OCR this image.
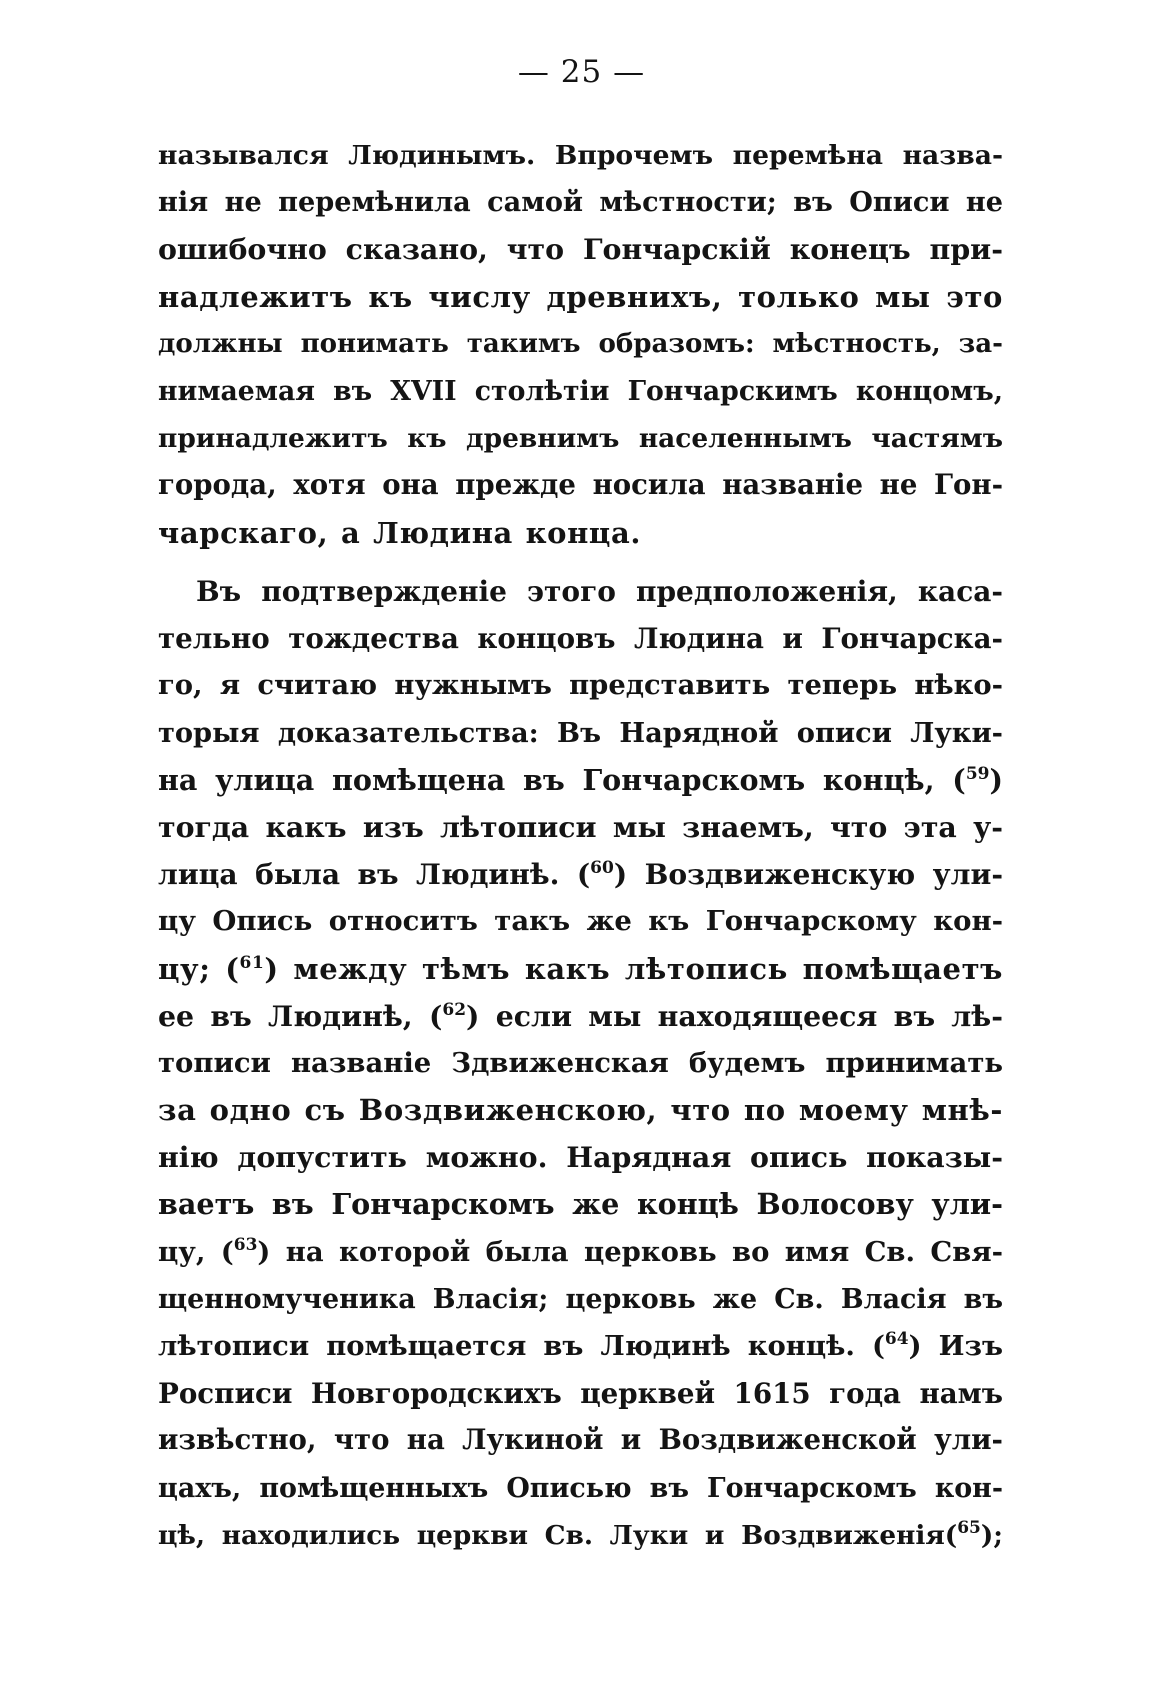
— 25 —
назывался Людинымъ. Впрочемъ перемѣна назва-
нія не перемѣнила самой мѣстности; въ Описи не
ошибочно сказано, что Гончарскій конецъ при-
надлежитъ къ числу древнихъ, только мы это
должны понимать такимъ образомъ: мѣстность, за-
нимаемая въ XVII столѣтіи Гончарскимъ концомъ,
принадлежитъ къ древнимъ населеннымъ частямъ
города, хотя она прежде носила названіе не Гон-
чарскаго, а Людина конца.
Въ подтвержденіе этого предположенія, каса-
тельно тождества концовъ Людина и Гончарска-
го, я считаю нужнымъ представить теперь нѣко-
торыя доказательства: Въ Нарядной описи Луки-
на улица помѣщена въ Гончарскомъ концѣ, ($^{59}$)
тогда какъ изъ лѣтописи мы знаемъ, что эта у-
лица была въ Людинѣ. ($^{60}$) Воздвиженскую ули-
цу Опись относитъ такъ же къ Гончарскому кон-
цу; ($^{61}$) между тѣмъ какъ лѣтопись помѣщаетъ
ее въ Людинѣ, ($^{62}$) если мы находящееся въ лѣ-
тописи названіе Здвиженская будемъ принимать
за одно съ Воздвиженскою, что по моему мнѣ-
нію допустить можно. Нарядная опись показы-
ваетъ въ Гончарскомъ же концѣ Волосову ули-
цу, ($^{63}$) на которой была церковь во имя Св. Свя-
щенномученика Власія; церковь же Св. Власія въ
лѣтописи помѣщается въ Людинѣ концѣ. ($^{64}$) Изъ
Росписи Новгородскихъ церквей 1615 года намъ
извѣстно, что на Лукиной и Воздвиженской ули-
цахъ, помѣщенныхъ Описью въ Гончарскомъ кон-
цѣ, находились церкви Св. Луки и Воздвиженія($^{65}$);
